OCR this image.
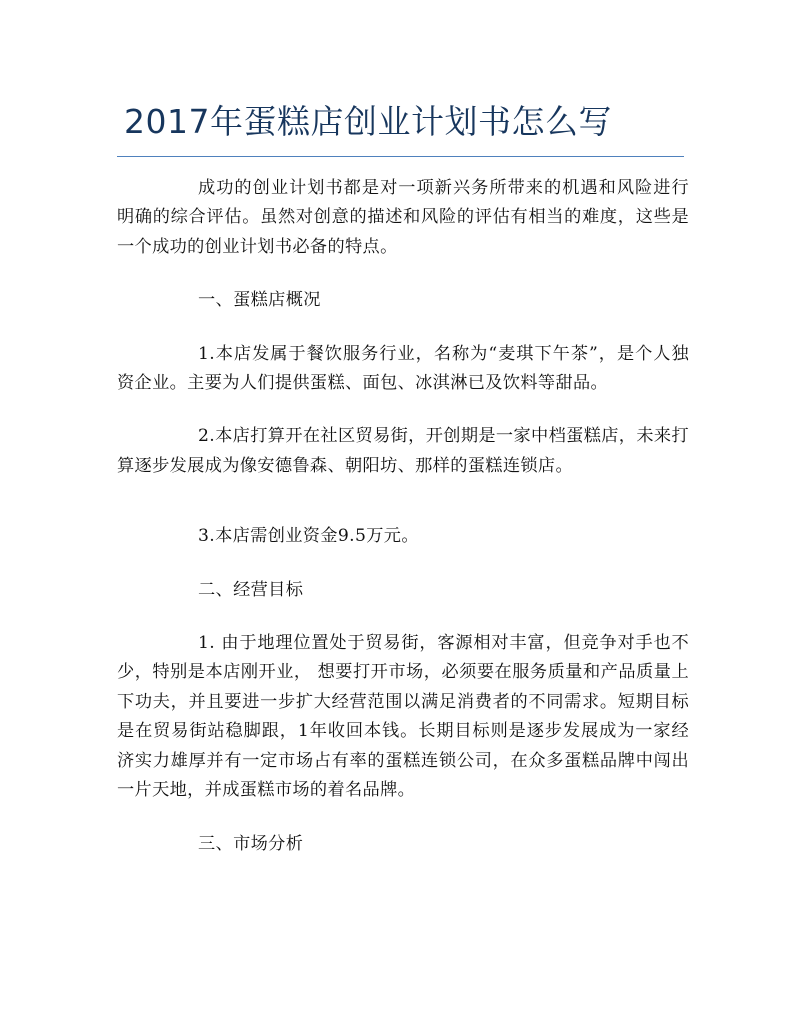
2017年蛋糕店创业计划书怎么写

成功的创业计划书都是对一项新兴务所带来的机遇和风险进行明确的综合评估。虽然对创意的描述和风险的评估有相当的难度，这些是一个成功的创业计划书必备的特点。

一、蛋糕店概况

1.本店发属于餐饮服务行业，名称为“麦琪下午茶”，是个人独资企业。主要为人们提供蛋糕、面包、冰淇淋已及饮料等甜品。

2.本店打算开在社区贸易街，开创期是一家中档蛋糕店，未来打算逐步发展成为像安德鲁森、朝阳坊、那样的蛋糕连锁店。

3.本店需创业资金9.5万元。

二、经营目标

1. 由于地理位置处于贸易街，客源相对丰富，但竞争对手也不少，特别是本店刚开业， 想要打开市场，必须要在服务质量和产品质量上下功夫，并且要进一步扩大经营范围以满足消费者的不同需求。短期目标是在贸易街站稳脚跟，1年收回本钱。长期目标则是逐步发展成为一家经济实力雄厚并有一定市场占有率的蛋糕连锁公司，在众多蛋糕品牌中闯出一片天地，并成蛋糕市场的着名品牌。

三、市场分析
